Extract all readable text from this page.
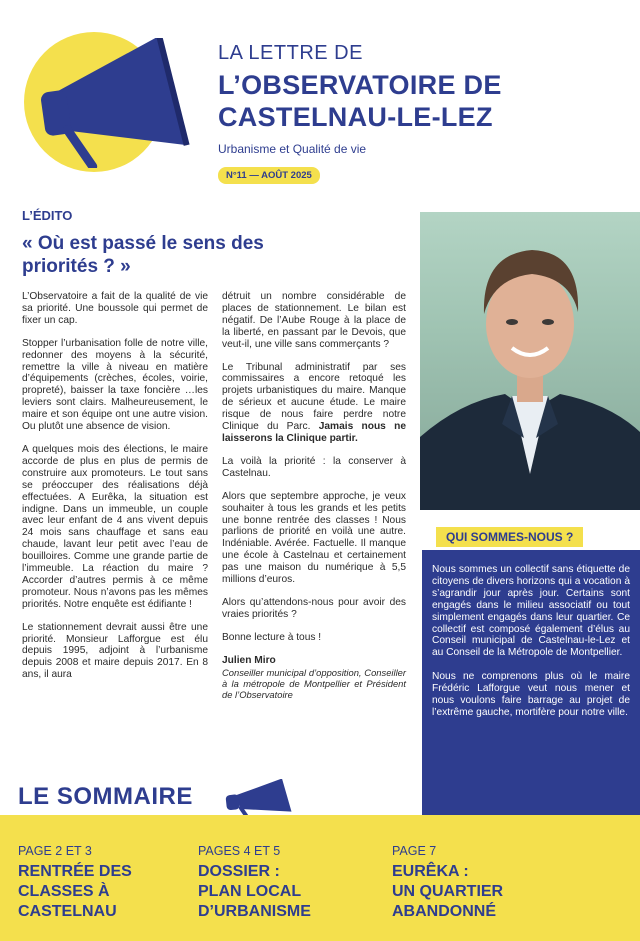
LA LETTRE DE
L’OBSERVATOIRE DE
CASTELNAU-LE-LEZ
Urbanisme et Qualité de vie
N°11 — AOÛT 2025
L’ÉDITO
« Où est passé le sens des priorités ? »

L’Observatoire a fait de la qualité de vie sa priorité. Une boussole qui permet de fixer un cap.

Stopper l’urbanisation folle de notre ville, redonner des moyens à la sécurité, remettre la ville à niveau en matière d’équipements (crèches, écoles, voirie, propreté), baisser la taxe foncière …les leviers sont clairs. Malheureusement, le maire et son équipe ont une autre vision. Ou plutôt une absence de vision.

A quelques mois des élections, le maire accorde de plus en plus de permis de construire aux promoteurs. Le tout sans se préoccuper des réalisations déjà effectuées. A Eurêka, la situation est indigne. Dans un immeuble, un couple avec leur enfant de 4 ans vivent depuis 24 mois sans chauffage et sans eau chaude, lavant leur petit avec l’eau de bouilloires. Comme une grande partie de l’immeuble. La réaction du maire ? Accorder d’autres permis à ce même promoteur. Nous n’avons pas les mêmes priorités. Notre enquête est édifiante !

Le stationnement devrait aussi être une priorité. Monsieur Lafforgue est élu depuis 1995, adjoint à l’urbanisme depuis 2008 et maire depuis 2017. En 8 ans, il aura

détruit un nombre considérable de places de stationnement. Le bilan est négatif. De l’Aube Rouge à la place de la liberté, en passant par le Devois, que veut-il, une ville sans commerçants ?

Le Tribunal administratif par ses commissaires a encore retoqué les projets urbanistiques du maire. Manque de sérieux et aucune étude. Le maire risque de nous faire perdre notre Clinique du Parc. Jamais nous ne laisserons la Clinique partir.

La voilà la priorité : la conserver à Castelnau.

Alors que septembre approche, je veux souhaiter à tous les grands et les petits une bonne rentrée des classes ! Nous parlions de priorité en voilà une autre. Indéniable. Avérée. Factuelle. Il manque une école à Castelnau et certainement pas une maison du numérique à 5,5 millions d’euros.

Alors qu’attendons-nous pour avoir des vraies priorités ?

Bonne lecture à tous !

Julien Miro

Conseiller municipal d’opposition, Conseiller à la métropole de Montpellier et Président de l’Observatoire

QUI SOMMES-NOUS ?

Nous sommes un collectif sans étiquette de citoyens de divers horizons qui a vocation à s’agrandir jour après jour. Certains sont engagés dans le milieu associatif ou tout simplement engagés dans leur quartier. Ce collectif est composé également d’élus au Conseil municipal de Castelnau-le-Lez et au Conseil de la Métropole de Montpellier.

Nous ne comprenons plus où le maire Frédéric Lafforgue veut nous mener et nous voulons faire barrage au projet de l’extrême gauche, mortifère pour notre ville.

LE SOMMAIRE
PAGE 2 ET 3
RENTRÉE DES
CLASSES À
CASTELNAU
PAGES 4 ET 5
DOSSIER :
PLAN LOCAL
D’URBANISME
PAGE 7
EURÊKA :
UN QUARTIER
ABANDONNÉ
